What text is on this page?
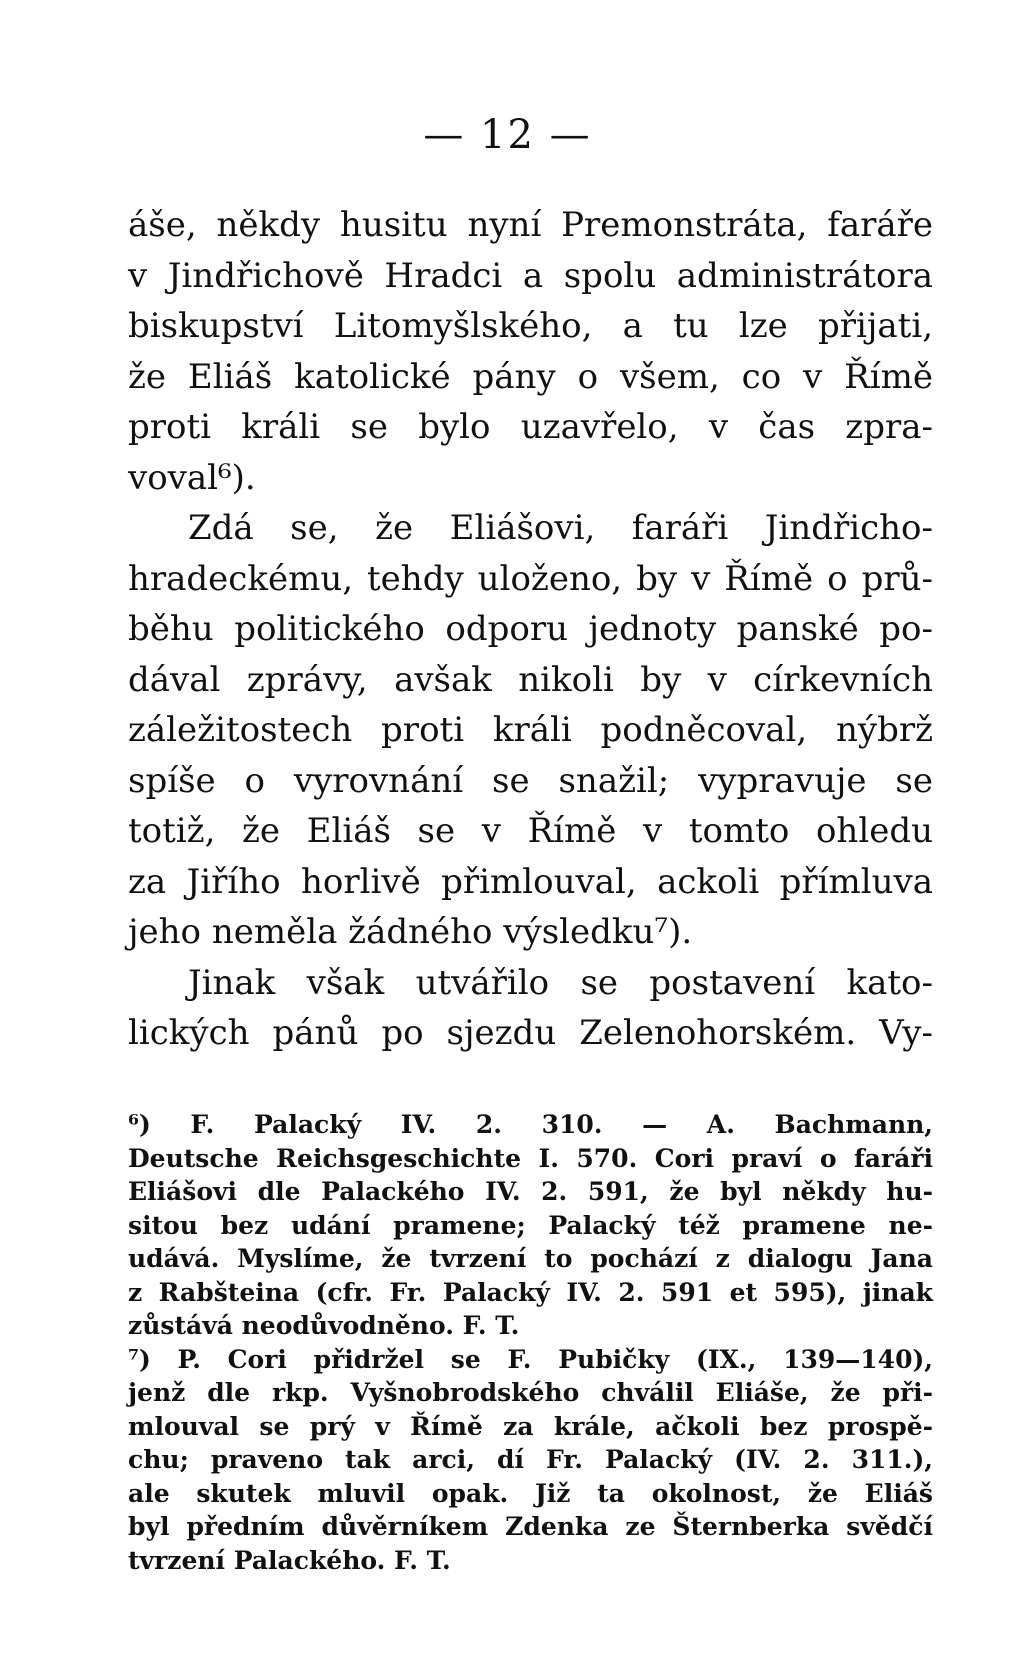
— 12 —
áše, někdy husitu nyní Premonstráta, faráře
v Jindřichově Hradci a spolu administrátora
biskupství Litomyšlského, a tu lze přijati,
že Eliáš katolické pány o všem, co v Římě
proti králi se bylo uzavřelo, v čas zpra-
voval⁶).
Zdá se, že Eliášovi, faráři Jindřicho-
hradeckému, tehdy uloženo, by v Římě o prů-
běhu politického odporu jednoty panské po-
dával zprávy, avšak nikoli by v církevních
záležitostech proti králi podněcoval, nýbrž
spíše o vyrovnání se snažil; vypravuje se
totiž, že Eliáš se v Římě v tomto ohledu
za Jiřího horlivě přimlouval, ackoli přímluva
jeho neměla žádného výsledku⁷).
Jinak však utvářilo se postavení kato-
lických pánů po sjezdu Zelenohorském. Vy-
⁶) F. Palacký IV. 2. 310. — A. Bachmann,
Deutsche Reichsgeschichte I. 570. Cori praví o faráři
Eliášovi dle Palackého IV. 2. 591, že byl někdy hu-
sitou bez udání pramene; Palacký též pramene ne-
udává. Myslíme, že tvrzení to pochází z dialogu Jana
z Rabšteina (cfr. Fr. Palacký IV. 2. 591 et 595), jinak
zůstává neodůvodněno. F. T.
⁷) P. Cori přidržel se F. Pubičky (IX., 139—140),
jenž dle rkp. Vyšnobrodského chválil Eliáše, že při-
mlouval se prý v Římě za krále, ačkoli bez prospě-
chu; praveno tak arci, dí Fr. Palacký (IV. 2. 311.),
ale skutek mluvil opak. Již ta okolnost, že Eliáš
byl předním důvěrníkem Zdenka ze Šternberka svědčí
tvrzení Palackého. F. T.
